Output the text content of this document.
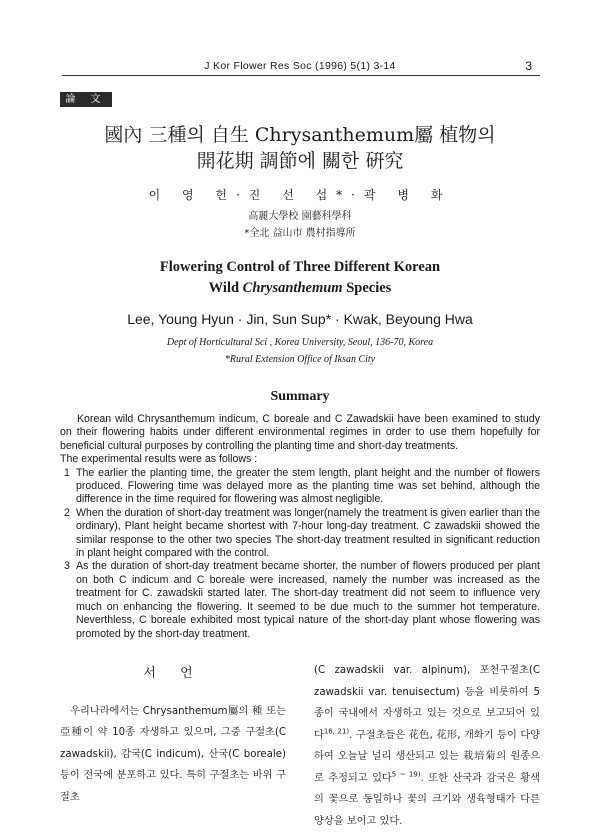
J Kor Flower Res Soc (1996) 5(1) 3-14	3
論 文
國內 三種의 自生 Chrysanthemum屬 植物의
開花期 調節에 關한 硏究
이 영 헌·진 선 섭*·곽 병 화
高麗大學校 園藝科學科
*全北 益山市 農村指導所
Flowering Control of Three Different Korean
Wild Chrysanthemum Species
Lee, Young Hyun · Jin, Sun Sup* · Kwak, Beyoung Hwa
Dept of Horticultural Sci , Korea University, Seoul, 136-70, Korea
*Rural Extension Office of Iksan City
Summary

Korean wild Chrysanthemum indicum, C boreale and C Zawadskii have been examined to study on their flowering habits under different environmental regimes in order to use them hopefully for beneficial cultural purposes by controlling the planting time and short-day treatments.

The experimental results were as follows :

1 The earlier the planting time, the greater the stem length, plant height and the number of flowers produced. Flowering time was delayed more as the planting time was set behind, although the difference in the time required for flowering was almost negligible.
2 When the duration of short-day treatment was longer(namely the treatment is given earlier than the ordinary), Plant height became shortest with 7-hour long-day treatment. C zawadskii showed the similar response to the other two species The short-day treatment resulted in significant reduction in plant height compared with the control.
3 As the duration of short-day treatment became shorter, the number of flowers produced per plant on both C indicum and C boreale were increased, namely the number was increased as the treatment for C. zawadskii started later. The short-day treatment did not seem to influence very much on enhancing the flowering. It seemed to be due much to the summer hot temperature. Neverthless, C boreale exhibited most typical nature of the short-day plant whose flowering was promoted by the short-day treatment.
서 언

우리나라에서는 Chrysanthemum屬의 種 또는 亞種이 약 10종 자생하고 있으며, 그중 구절초(C zawadskii), 감국(C indicum), 산국(C boreale) 등이 전국에 분포하고 있다. 특히 구절초는 바위 구절초

(C zawadskii var. alpinum), 포천구절초(C zawadskii var. tenuisectum) 등을 비롯하여 5종이 국내에서 자생하고 있는 것으로 보고되어 있다$^{16, 21)}$. 구절초들은 花色, 花形, 개화기 등이 다양하여 오늘날 널리 생산되고 있는 栽培菊의 원종으로 추정되고 있다$^{5 \sim 19)}$. 또한 산국과 감국은 황색의 꽃으로 동일하나 꽃의 크기와 생육형태가 다른 양상을 보이고 있다.
